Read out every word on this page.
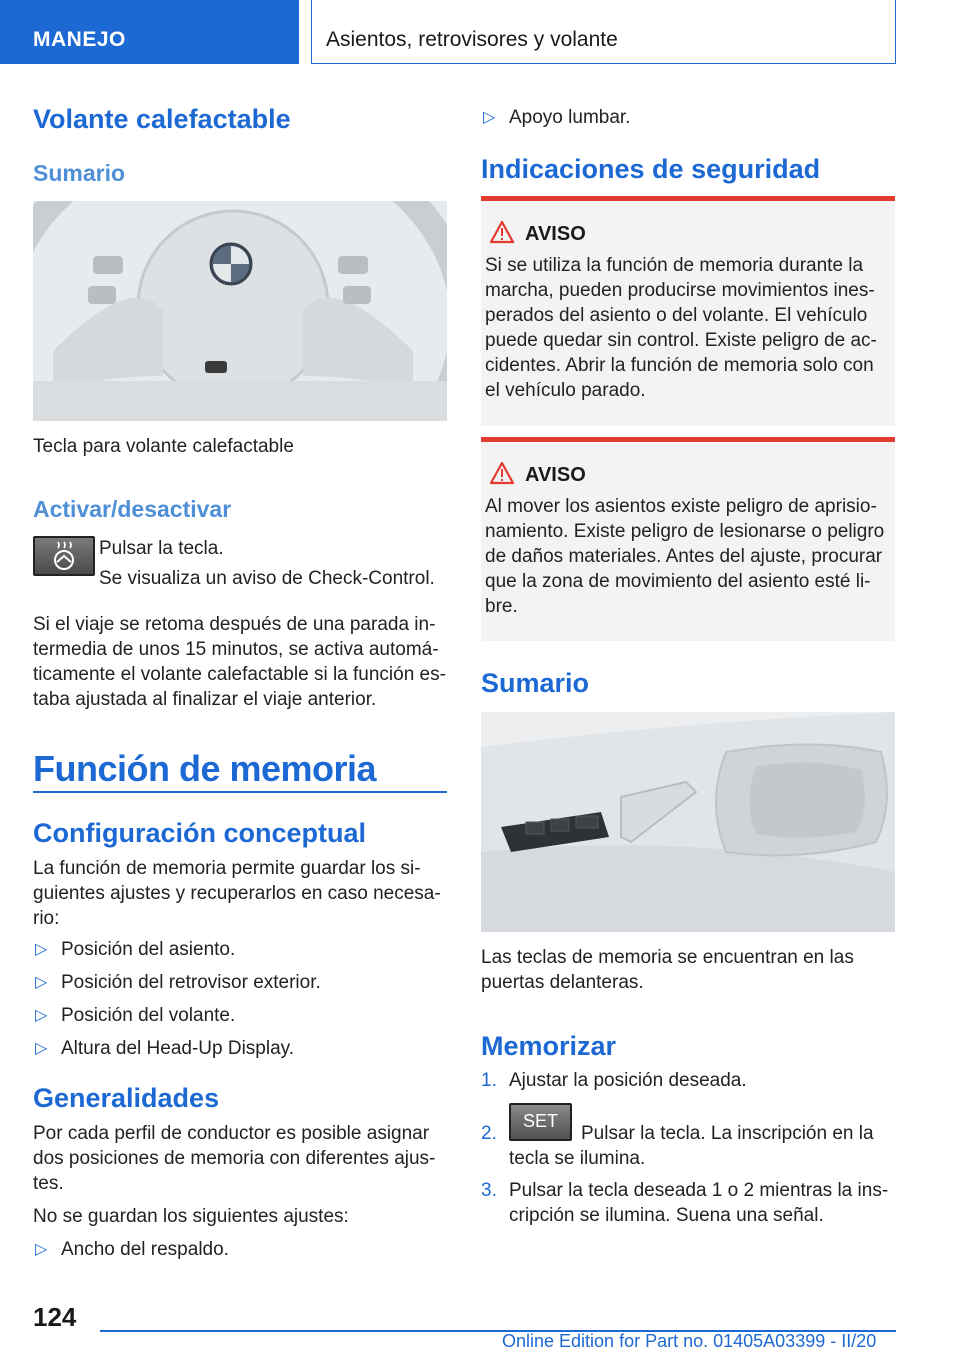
MANEJO	Asientos, retrovisores y volante
Volante calefactable
Sumario
Tecla para volante calefactable
Activar/desactivar
Pulsar la tecla.
Se visualiza un aviso de Check-Control.
Si el viaje se retoma después de una parada in-termedia de unos 15 minutos, se activa automá-ticamente el volante calefactable si la función es-taba ajustada al finalizar el viaje anterior.
Función de memoria
Configuración conceptual
La función de memoria permite guardar los si-guientes ajustes y recuperarlos en caso necesa-rio:
▷ Posición del asiento.
▷ Posición del retrovisor exterior.
▷ Posición del volante.
▷ Altura del Head-Up Display.
Generalidades
Por cada perfil de conductor es posible asignar dos posiciones de memoria con diferentes ajus-tes.
No se guardan los siguientes ajustes:
▷ Ancho del respaldo.
▷ Apoyo lumbar.
Indicaciones de seguridad
AVISO
Si se utiliza la función de memoria durante la marcha, pueden producirse movimientos ines-perados del asiento o del volante. El vehículo puede quedar sin control. Existe peligro de ac-cidentes. Abrir la función de memoria solo con el vehículo parado.
AVISO
Al mover los asientos existe peligro de aprisio-namiento. Existe peligro de lesionarse o peligro de daños materiales. Antes del ajuste, procurar que la zona de movimiento del asiento esté li-bre.
Sumario
Las teclas de memoria se encuentran en las puertas delanteras.
Memorizar
1. Ajustar la posición deseada.
SET
2.	Pulsar la tecla. La inscripción en la
tecla se ilumina.
3. Pulsar la tecla deseada 1 o 2 mientras la ins-cripción se ilumina. Suena una señal.
124
Online Edition for Part no. 01405A03399 - II/20
